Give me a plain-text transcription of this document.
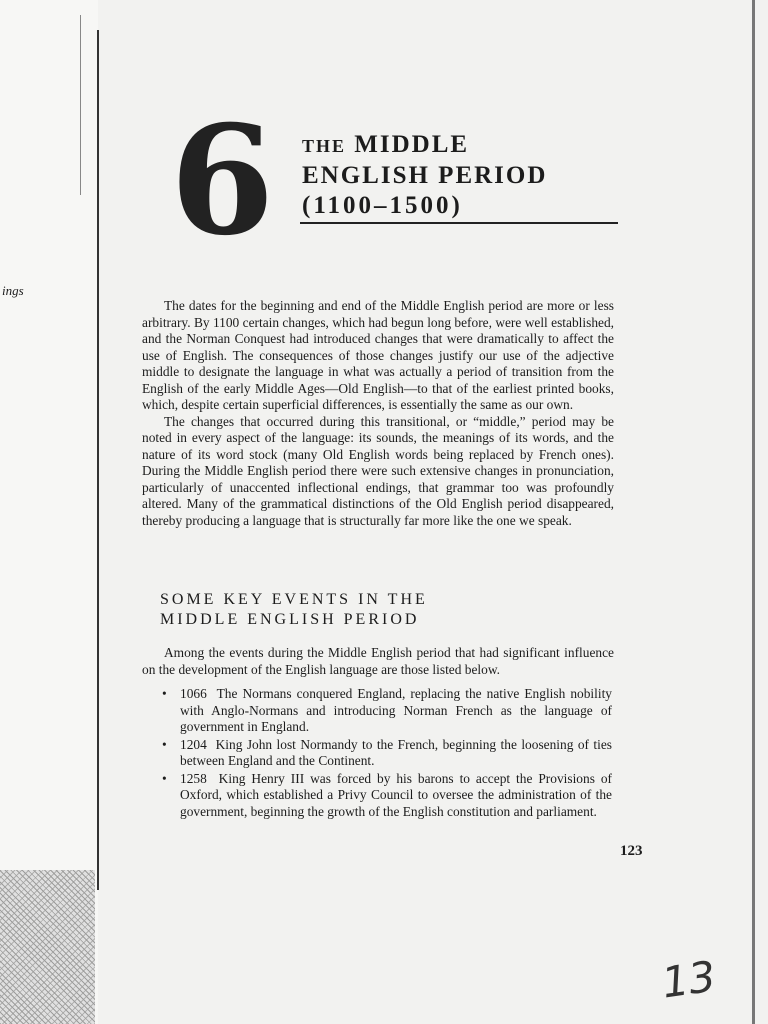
ings
6 THE MIDDLE
ENGLISH PERIOD
(1100–1500)

The dates for the beginning and end of the Middle English period are more or less arbitrary. By 1100 certain changes, which had begun long before, were well established, and the Norman Conquest had introduced changes that were dramatically to affect the use of English. The consequences of those changes justify our use of the adjective middle to designate the language in what was actually a period of transition from the English of the early Middle Ages—Old English—to that of the earliest printed books, which, despite certain superficial differences, is essentially the same as our own.

The changes that occurred during this transitional, or “middle,” period may be noted in every aspect of the language: its sounds, the meanings of its words, and the nature of its word stock (many Old English words being replaced by French ones). During the Middle English period there were such extensive changes in pronunciation, particularly of unaccented inflectional endings, that grammar too was profoundly altered. Many of the grammatical distinctions of the Old English period disappeared, thereby producing a language that is structurally far more like the one we speak.

SOME KEY EVENTS IN THE
MIDDLE ENGLISH PERIOD

Among the events during the Middle English period that had significant influence on the development of the English language are those listed below.

• 1066 The Normans conquered England, replacing the native English nobility with Anglo-Normans and introducing Norman French as the language of government in England.
• 1204 King John lost Normandy to the French, beginning the loosening of ties between England and the Continent.
• 1258 King Henry III was forced by his barons to accept the Provisions of Oxford, which established a Privy Council to oversee the administration of the government, beginning the growth of the English constitution and parliament.
123
13
